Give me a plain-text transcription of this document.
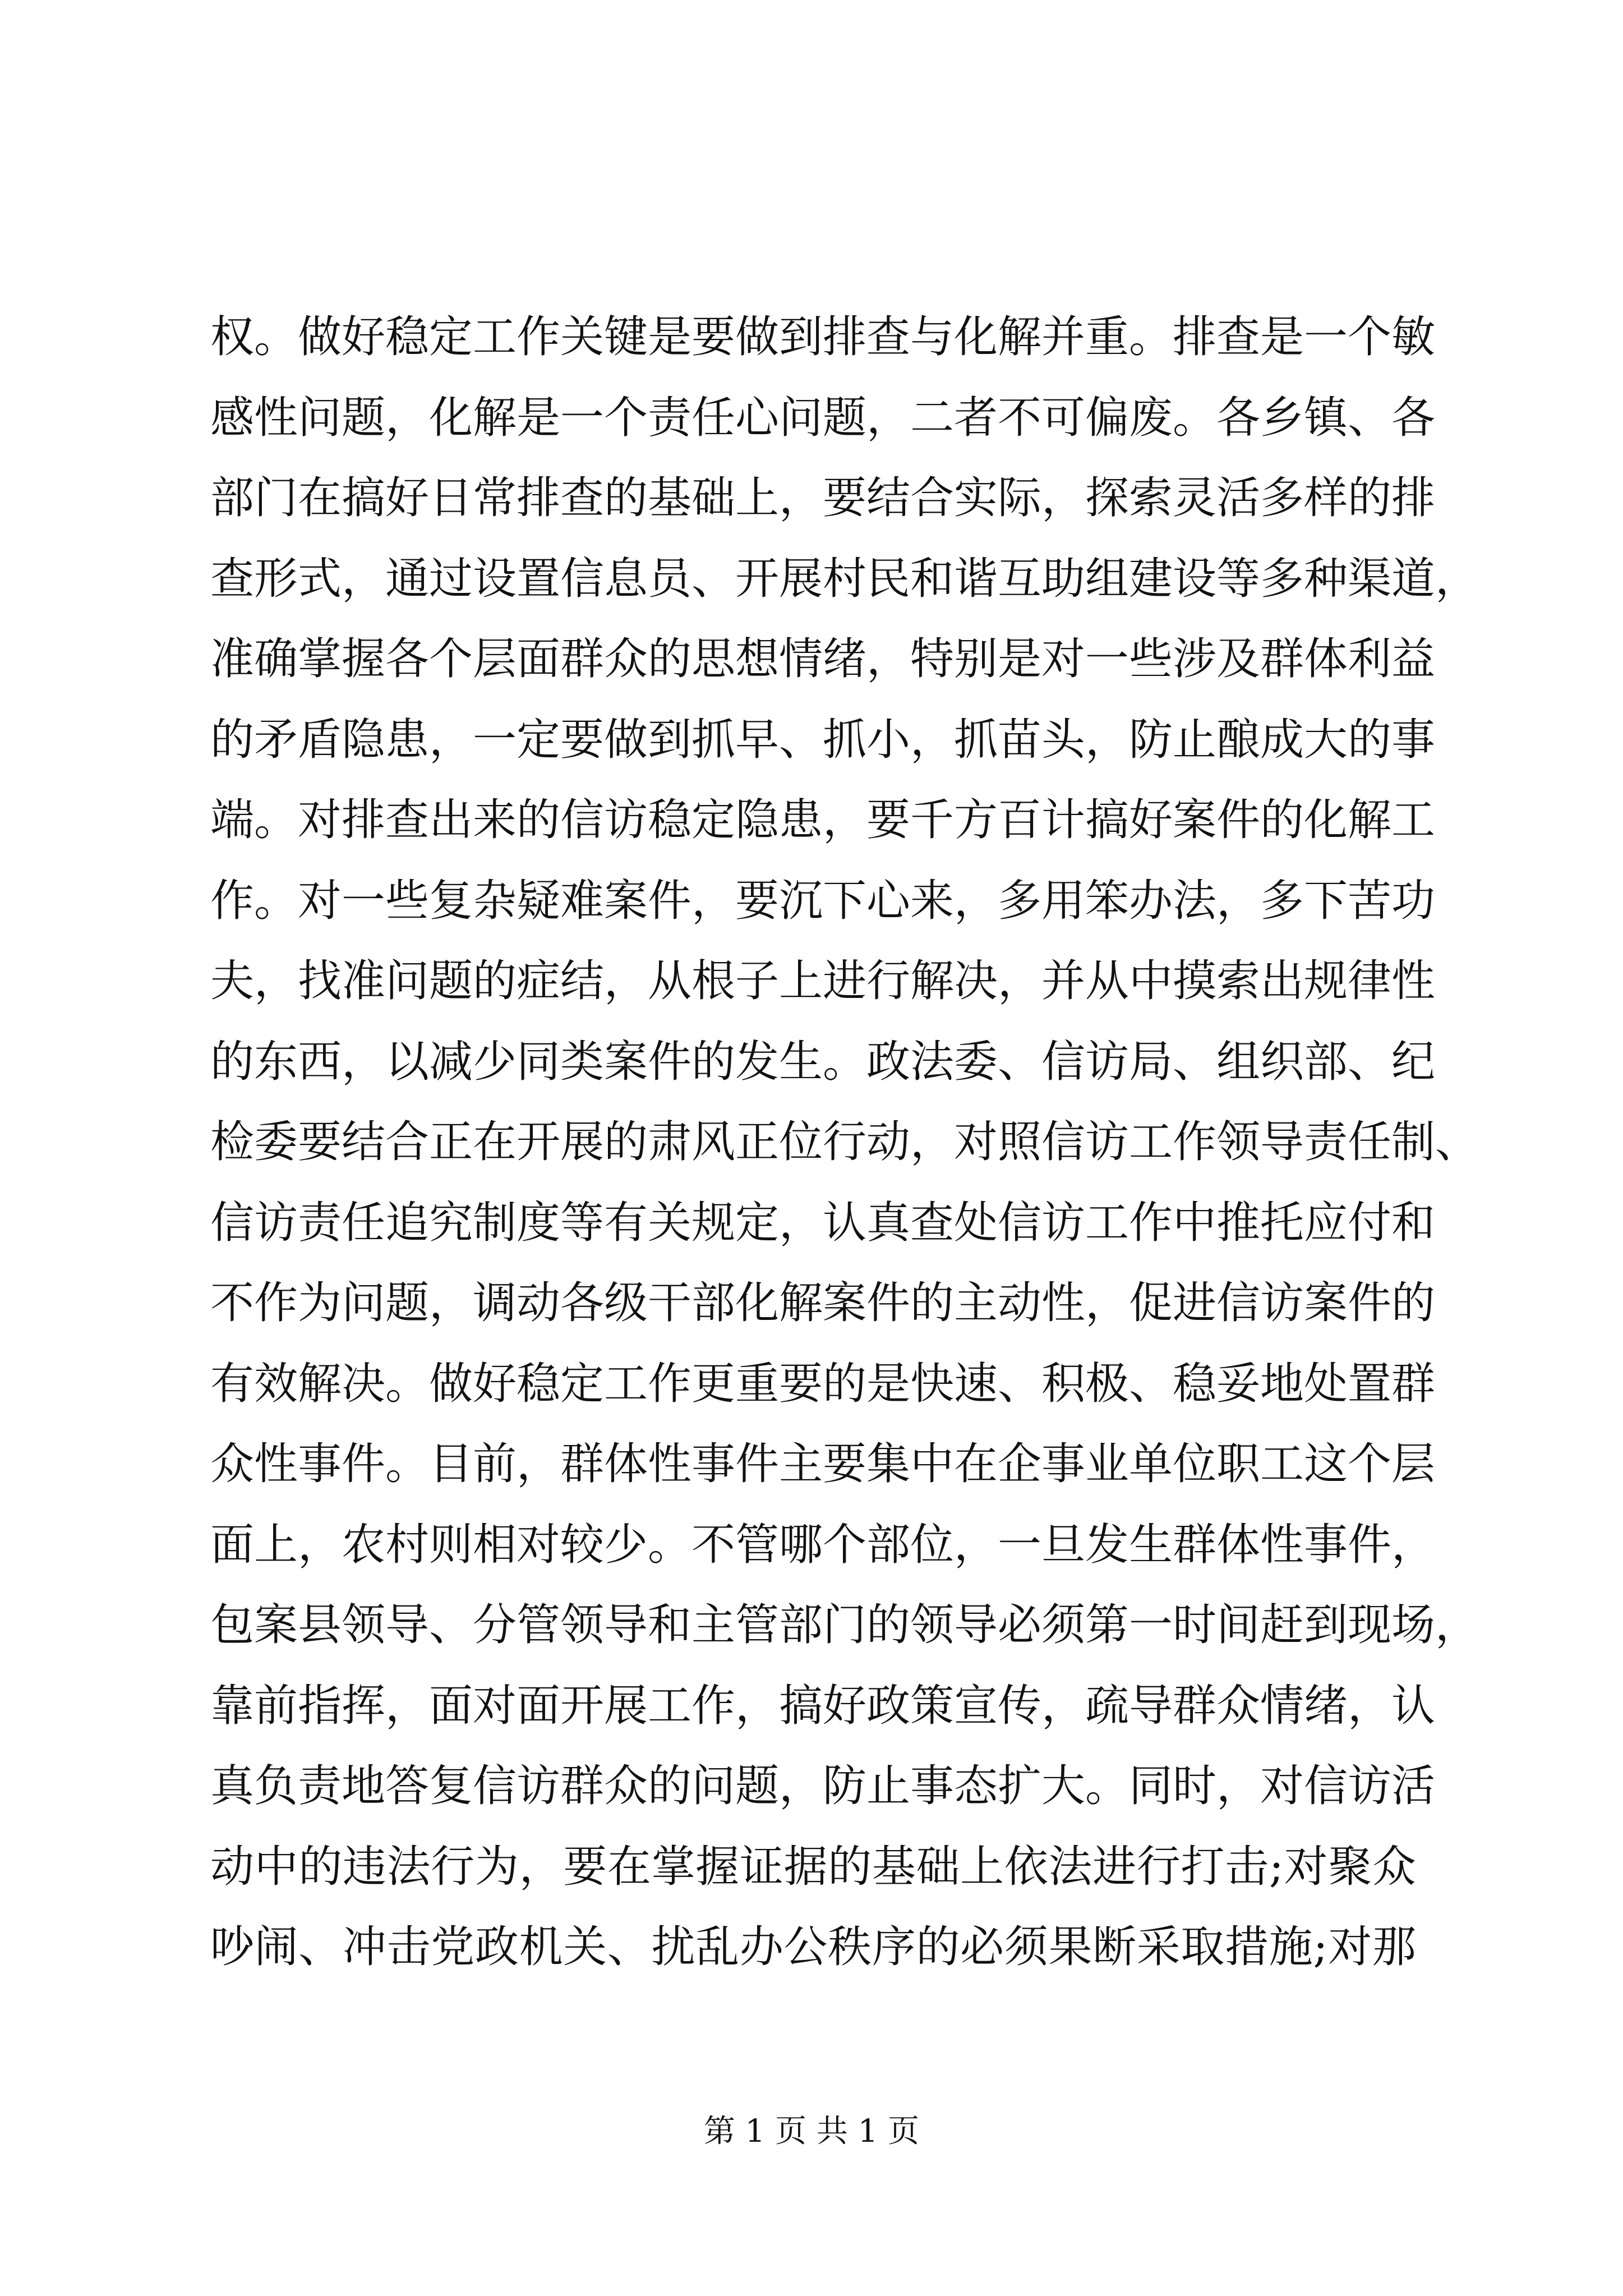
权。做好稳定工作关键是要做到排查与化解并重。排查是一个敏
感性问题，化解是一个责任心问题，二者不可偏废。各乡镇、各
部门在搞好日常排查的基础上，要结合实际，探索灵活多样的排
查形式，通过设置信息员、开展村民和谐互助组建设等多种渠道，
准确掌握各个层面群众的思想情绪，特别是对一些涉及群体利益
的矛盾隐患，一定要做到抓早、抓小，抓苗头，防止酿成大的事
端。对排查出来的信访稳定隐患，要千方百计搞好案件的化解工
作。对一些复杂疑难案件，要沉下心来，多用笨办法，多下苦功
夫，找准问题的症结，从根子上进行解决，并从中摸索出规律性
的东西，以减少同类案件的发生。政法委、信访局、组织部、纪
检委要结合正在开展的肃风正位行动，对照信访工作领导责任制、
信访责任追究制度等有关规定，认真查处信访工作中推托应付和
不作为问题，调动各级干部化解案件的主动性，促进信访案件的
有效解决。做好稳定工作更重要的是快速、积极、稳妥地处置群
众性事件。目前，群体性事件主要集中在企事业单位职工这个层
面上，农村则相对较少。不管哪个部位，一旦发生群体性事件，
包案县领导、分管领导和主管部门的领导必须第一时间赶到现场，
靠前指挥，面对面开展工作，搞好政策宣传，疏导群众情绪，认
真负责地答复信访群众的问题，防止事态扩大。同时，对信访活
动中的违法行为，要在掌握证据的基础上依法进行打击;对聚众
吵闹、冲击党政机关、扰乱办公秩序的必须果断采取措施;对那
第 1 页 共 1 页
